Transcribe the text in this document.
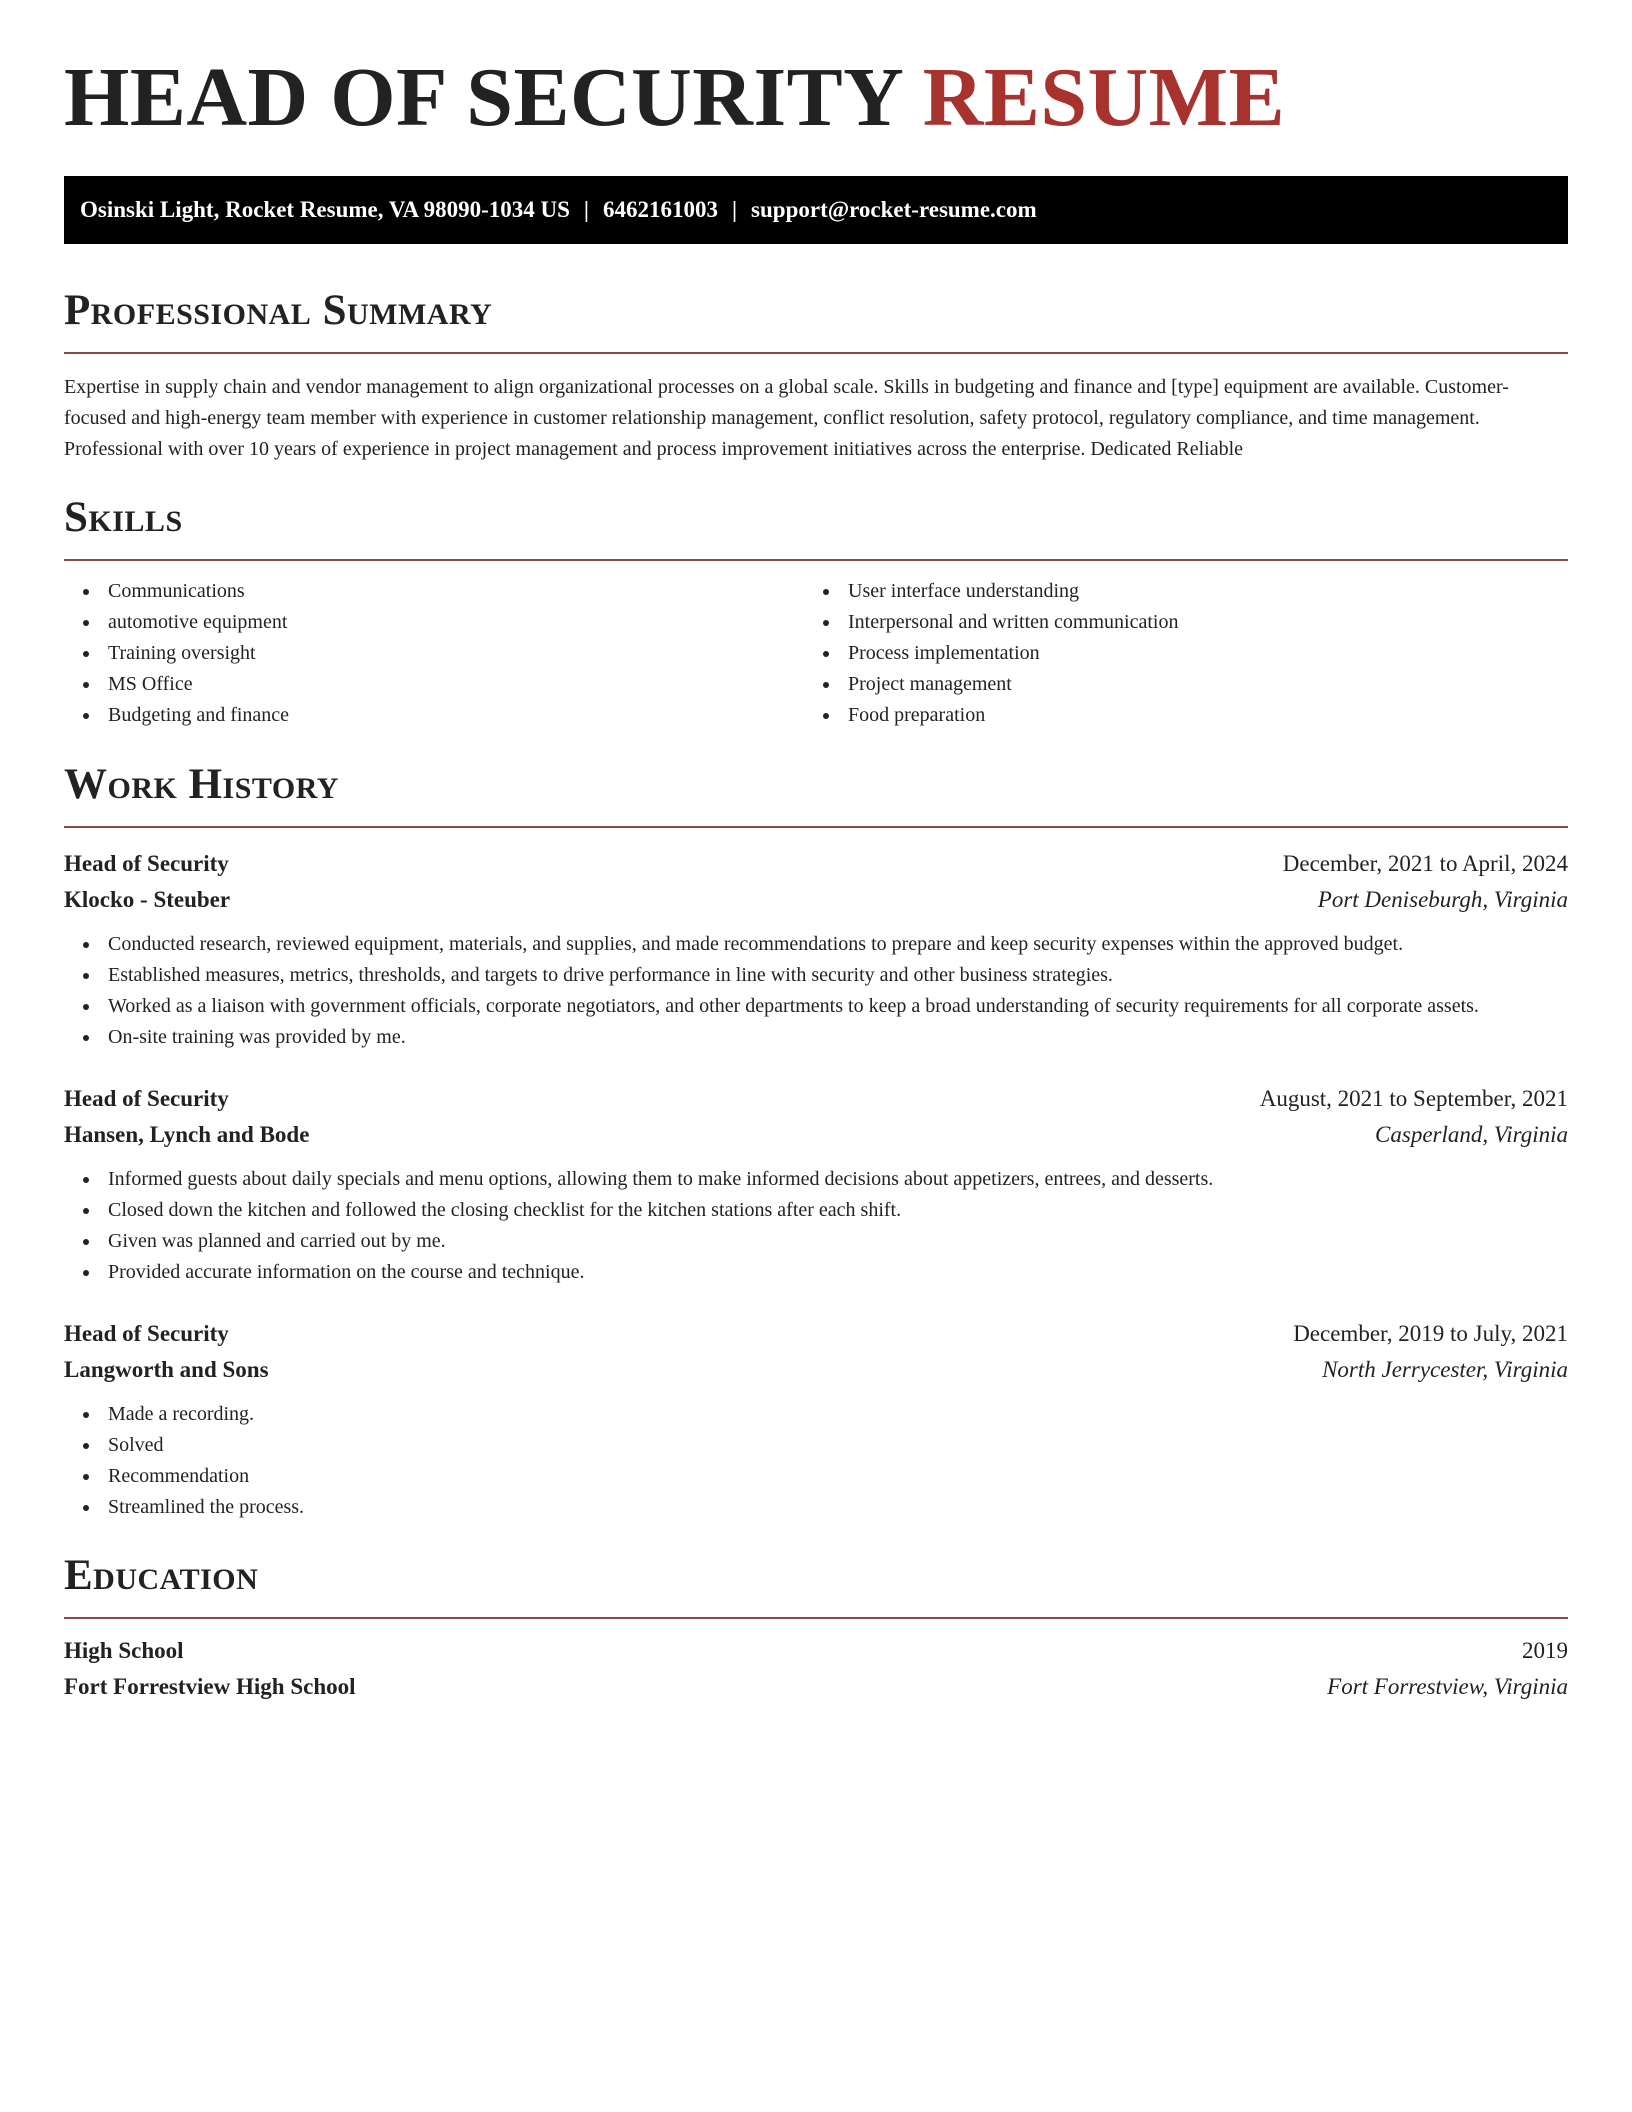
HEAD OF SECURITY RESUME
Osinski Light, Rocket Resume, VA 98090-1034 US | 6462161003 | support@rocket-resume.com
Professional Summary

Expertise in supply chain and vendor management to align organizational processes on a global scale. Skills in budgeting and finance and [type] equipment are available. Customer-focused and high-energy team member with experience in customer relationship management, conflict resolution, safety protocol, regulatory compliance, and time management. Professional with over 10 years of experience in project management and process improvement initiatives across the enterprise. Dedicated Reliable

Skills
Communications
automotive equipment
Training oversight
MS Office
Budgeting and finance
User interface understanding
Interpersonal and written communication
Process implementation
Project management
Food preparation
Work History
Head of Security	December, 2021 to April, 2024
Klocko - Steuber	Port Deniseburgh, Virginia
Conducted research, reviewed equipment, materials, and supplies, and made recommendations to prepare and keep security expenses within the approved budget.
Established measures, metrics, thresholds, and targets to drive performance in line with security and other business strategies.
Worked as a liaison with government officials, corporate negotiators, and other departments to keep a broad understanding of security requirements for all corporate assets.
On-site training was provided by me.
Head of Security	August, 2021 to September, 2021
Hansen, Lynch and Bode	Casperland, Virginia
Informed guests about daily specials and menu options, allowing them to make informed decisions about appetizers, entrees, and desserts.
Closed down the kitchen and followed the closing checklist for the kitchen stations after each shift.
Given was planned and carried out by me.
Provided accurate information on the course and technique.
Head of Security	December, 2019 to July, 2021
Langworth and Sons	North Jerrycester, Virginia
Made a recording.
Solved
Recommendation
Streamlined the process.
Education
High School	2019
Fort Forrestview High School	Fort Forrestview, Virginia
